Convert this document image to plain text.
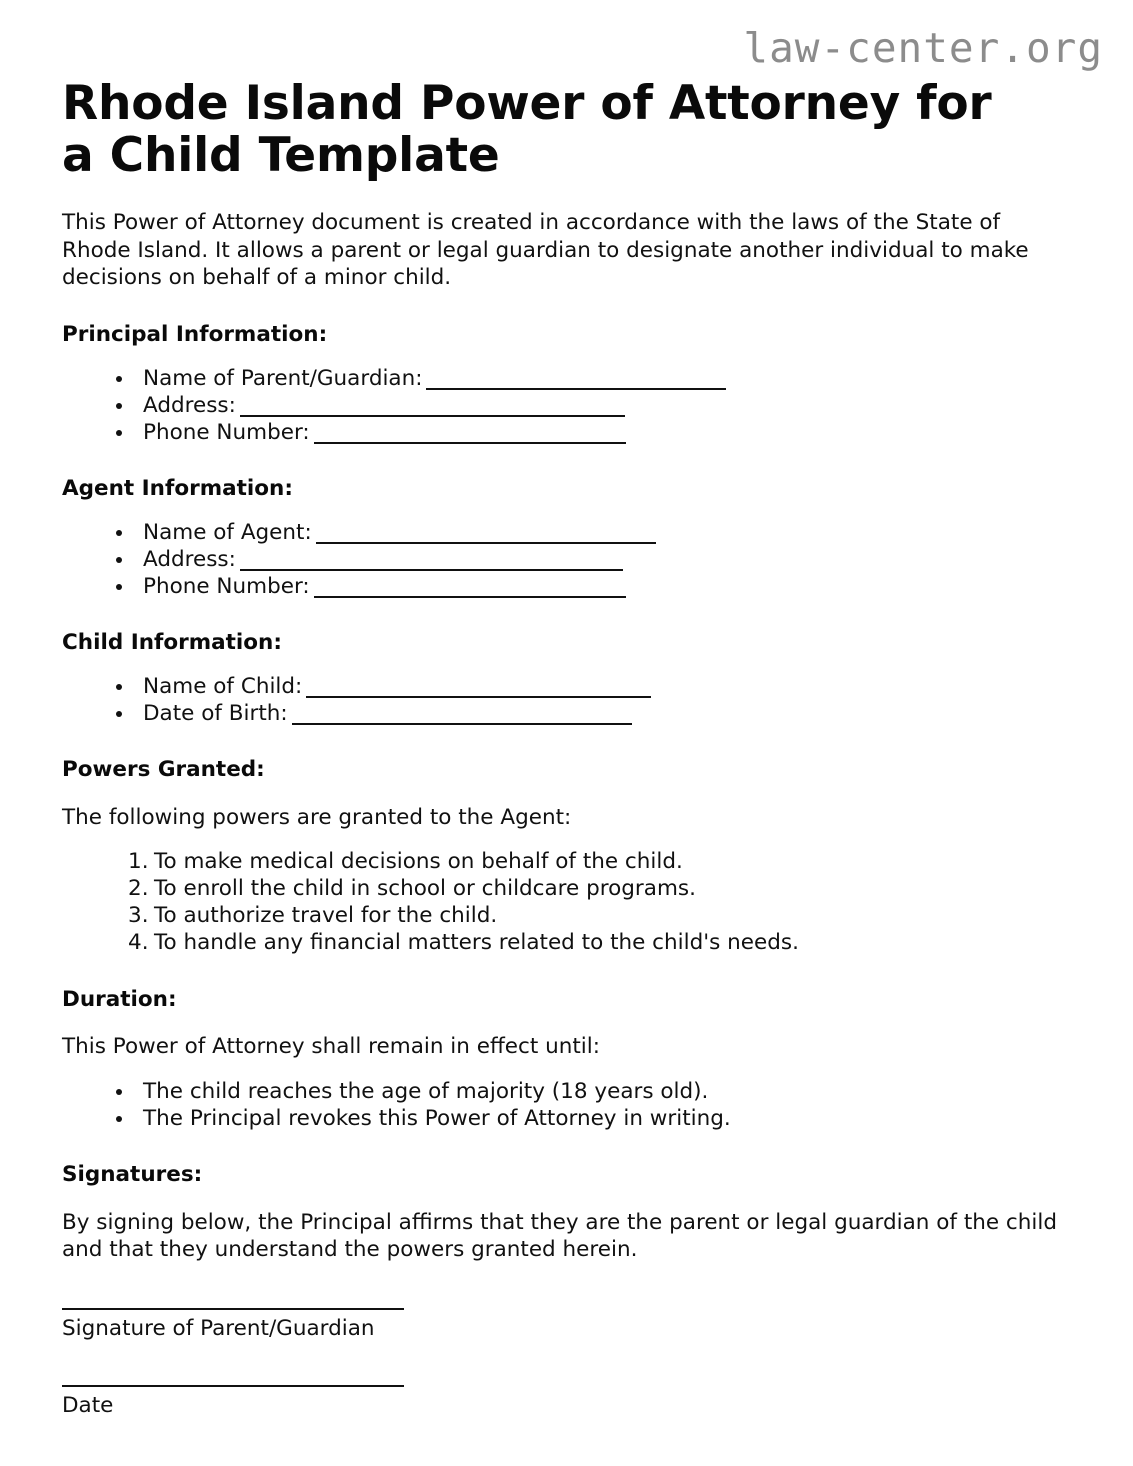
law-center.org
Rhode Island Power of Attorney for a Child Template

This Power of Attorney document is created in accordance with the laws of the State of Rhode Island. It allows a parent or legal guardian to designate another individual to make decisions on behalf of a minor child.

Principal Information:
Name of Parent/Guardian:
Address:
Phone Number:
Agent Information:
Name of Agent:
Address:
Phone Number:
Child Information:
Name of Child:
Date of Birth:
Powers Granted:

The following powers are granted to the Agent:

To make medical decisions on behalf of the child.
To enroll the child in school or childcare programs.
To authorize travel for the child.
To handle any financial matters related to the child's needs.
Duration:

This Power of Attorney shall remain in effect until:

The child reaches the age of majority (18 years old).
The Principal revokes this Power of Attorney in writing.
Signatures:

By signing below, the Principal affirms that they are the parent or legal guardian of the child and that they understand the powers granted herein.

Signature of Parent/Guardian
Date
